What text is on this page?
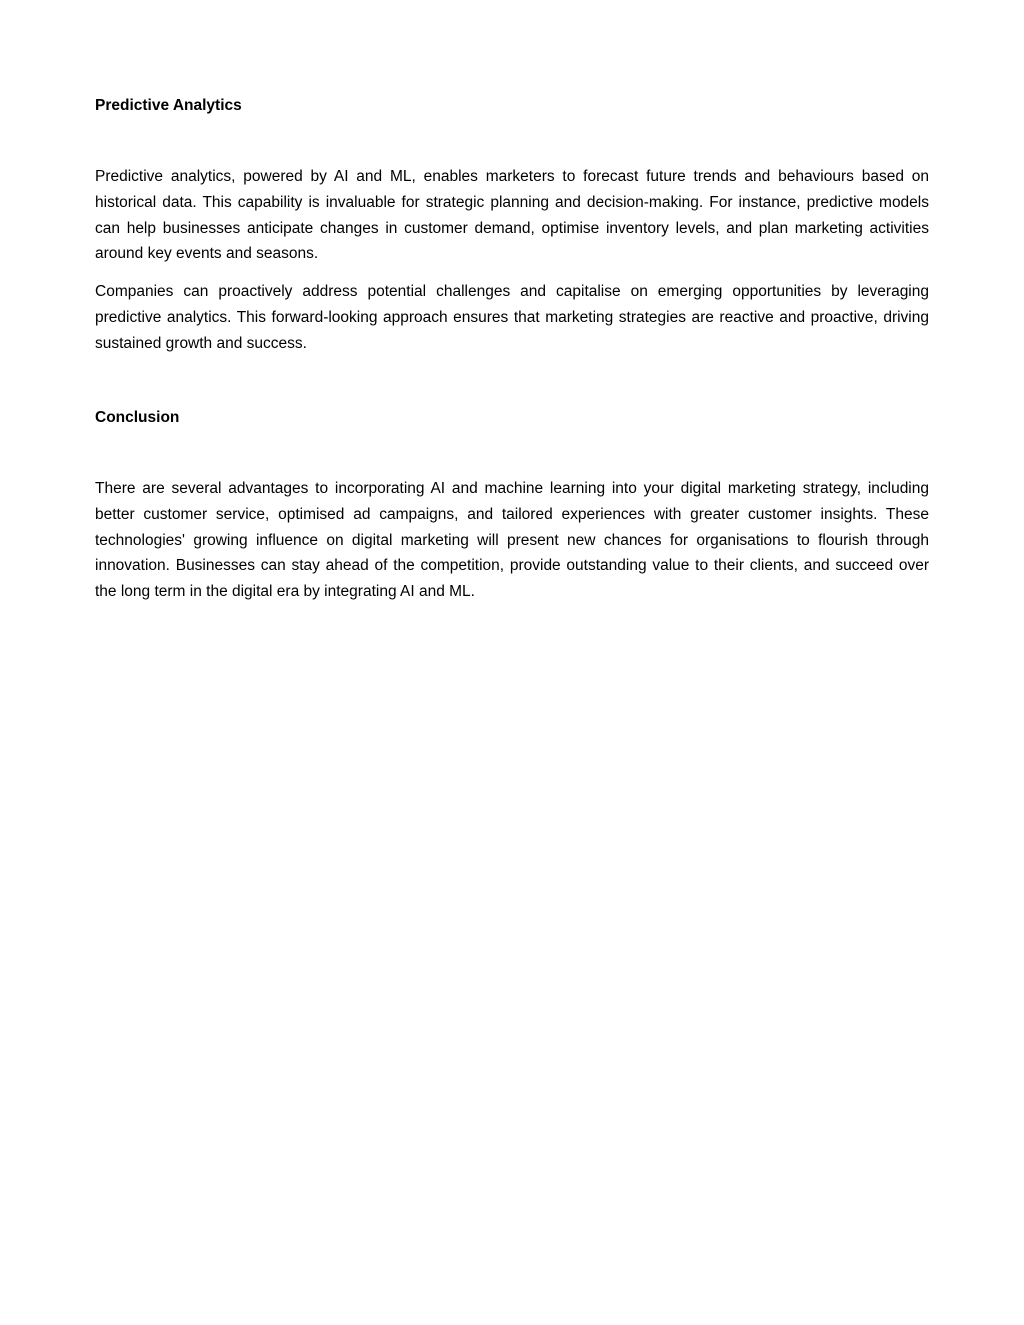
Predictive Analytics

Predictive analytics, powered by AI and ML, enables marketers to forecast future trends and behaviours based on historical data. This capability is invaluable for strategic planning and decision-making. For instance, predictive models can help businesses anticipate changes in customer demand, optimise inventory levels, and plan marketing activities around key events and seasons.

Companies can proactively address potential challenges and capitalise on emerging opportunities by leveraging predictive analytics. This forward-looking approach ensures that marketing strategies are reactive and proactive, driving sustained growth and success.

Conclusion

There are several advantages to incorporating AI and machine learning into your digital marketing strategy, including better customer service, optimised ad campaigns, and tailored experiences with greater customer insights. These technologies' growing influence on digital marketing will present new chances for organisations to flourish through innovation. Businesses can stay ahead of the competition, provide outstanding value to their clients, and succeed over the long term in the digital era by integrating AI and ML.
